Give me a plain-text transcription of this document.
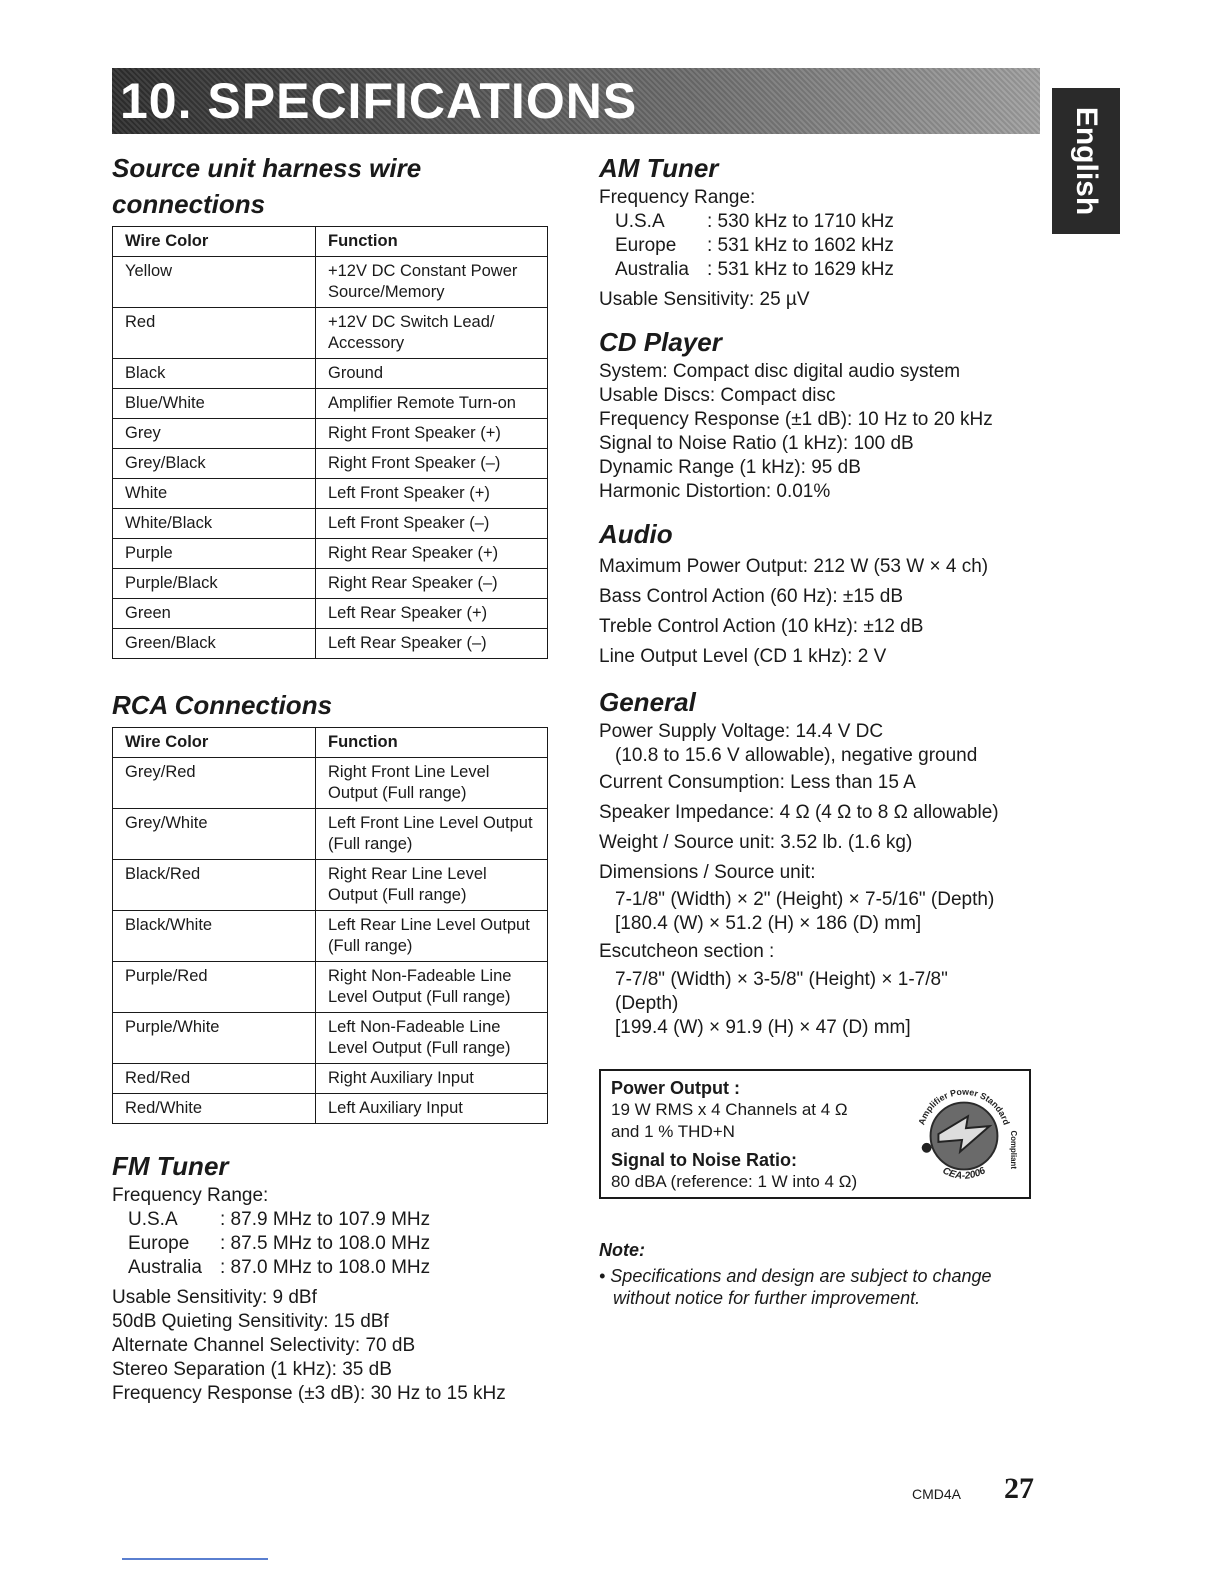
10. SPECIFICATIONS
English
Source unit harness wire connections
Wire Color	Function
Yellow	+12V DC Constant Power Source/Memory
Red	+12V DC Switch Lead/ Accessory
Black	Ground
Blue/White	Amplifier Remote Turn-on
Grey	Right Front Speaker (+)
Grey/Black	Right Front Speaker (–)
White	Left Front Speaker (+)
White/Black	Left Front Speaker (–)
Purple	Right Rear Speaker (+)
Purple/Black	Right Rear Speaker (–)
Green	Left Rear Speaker (+)
Green/Black	Left Rear Speaker (–)
RCA Connections
Wire Color	Function
Grey/Red	Right Front Line Level Output (Full range)
Grey/White	Left Front Line Level Output (Full range)
Black/Red	Right Rear Line Level Output (Full range)
Black/White	Left Rear Line Level Output (Full range)
Purple/Red	Right Non-Fadeable Line Level Output (Full range)
Purple/White	Left Non-Fadeable Line Level Output (Full range)
Red/Red	Right Auxiliary Input
Red/White	Left Auxiliary Input
FM Tuner

Frequency Range:

U.S.A	: 87.9 MHz to 107.9 MHz
Europe	: 87.5 MHz to 108.0 MHz
Australia : 87.0 MHz to 108.0 MHz

Usable Sensitivity: 9 dBf

50dB Quieting Sensitivity: 15 dBf

Alternate Channel Selectivity: 70 dB

Stereo Separation (1 kHz): 35 dB

Frequency Response (±3 dB): 30 Hz to 15 kHz

AM Tuner

Frequency Range:

U.S.A	: 530 kHz to 1710 kHz
Europe	: 531 kHz to 1602 kHz
Australia : 531 kHz to 1629 kHz

Usable Sensitivity: 25 µV

CD Player

System: Compact disc digital audio system

Usable Discs: Compact disc

Frequency Response (±1 dB): 10 Hz to 20 kHz

Signal to Noise Ratio (1 kHz): 100 dB

Dynamic Range (1 kHz): 95 dB

Harmonic Distortion: 0.01%

Audio

Maximum Power Output: 212 W (53 W × 4 ch)

Bass Control Action (60 Hz): ±15 dB

Treble Control Action (10 kHz): ±12 dB

Line Output Level (CD 1 kHz): 2 V

General

Power Supply Voltage: 14.4 V DC

(10.8 to 15.6 V allowable), negative ground

Current Consumption: Less than 15 A

Speaker Impedance: 4 Ω (4 Ω to 8 Ω allowable)

Weight / Source unit: 3.52 lb. (1.6 kg)

Dimensions / Source unit:

7-1/8" (Width) × 2" (Height) × 7-5/16" (Depth)

[180.4 (W) × 51.2 (H) × 186 (D) mm]

Escutcheon section :

7-7/8" (Width) × 3-5/8" (Height) × 1-7/8"

(Depth)

[199.4 (W) × 91.9 (H) × 47 (D) mm]

Power Output :

19 W RMS x 4 Channels at 4 Ω

and 1 % THD+N

Signal to Noise Ratio:

80 dBA (reference: 1 W into 4 Ω)

Amplifier Power Standard
Compliant
CEA-2006

Note:

• Specifications and design are subject to change without notice for further improvement.

CMD4A 27
